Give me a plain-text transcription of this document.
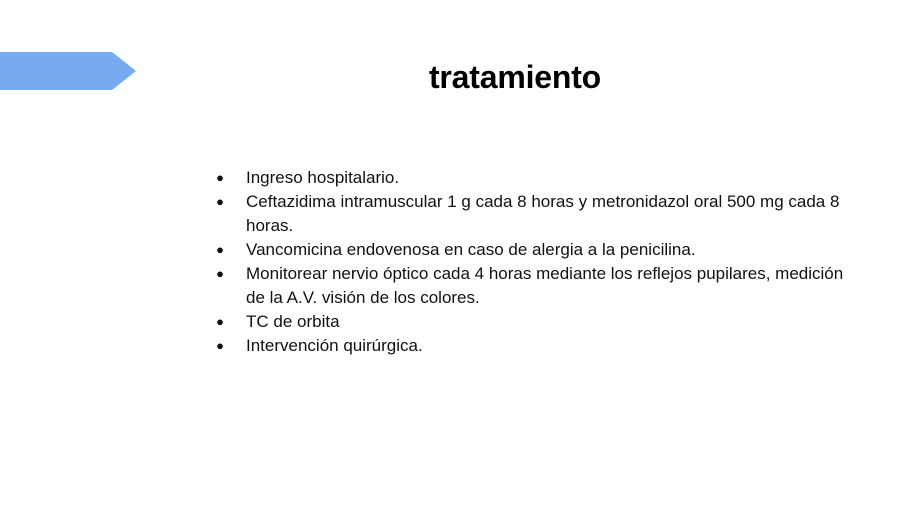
tratamiento
● Ingreso hospitalario.
● Ceftazidima intramuscular 1 g cada 8 horas y metronidazol oral 500 mg cada 8 horas.
● Vancomicina endovenosa en caso de alergia a la penicilina.
● Monitorear nervio óptico cada 4 horas mediante los reflejos pupilares, medición de la A.V. visión de los colores.
● TC de orbita
● Intervención quirúrgica.
